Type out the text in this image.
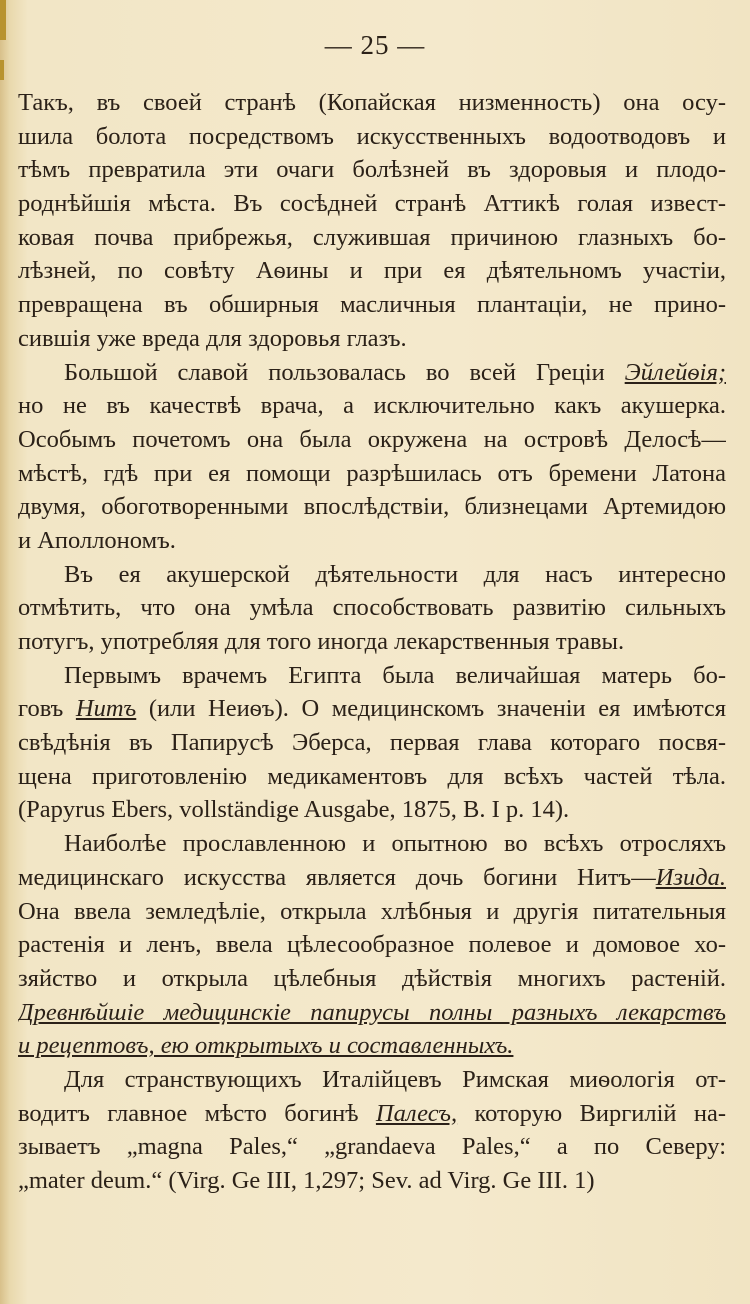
— 25 —
Такъ, въ своей странѣ (Копайская низменность) она осу-
шила болота посредствомъ искусственныхъ водоотводовъ и
тѣмъ превратила эти очаги болѣзней въ здоровыя и плодо-
роднѣйшія мѣста. Въ сосѣдней странѣ Аттикѣ голая извест-
ковая почва прибрежья, служившая причиною глазныхъ бо-
лѣзней, по совѣту Аѳины и при ея дѣятельномъ участіи,
превращена въ обширныя масличныя плантаціи, не прино-
сившія уже вреда для здоровья глазъ.
Большой славой пользовалась во всей Греціи Эйлейѳія;
но не въ качествѣ врача, а исключительно какъ акушерка.
Особымъ почетомъ она была окружена на островѣ Делосѣ—
мѣстѣ, гдѣ при ея помощи разрѣшилась отъ бремени Латона
двумя, обоготворенными впослѣдствіи, близнецами Артемидою
и Аполлономъ.
Въ ея акушерской дѣятельности для насъ интересно
отмѣтить, что она умѣла способствовать развитію сильныхъ
потугъ, употребляя для того иногда лекарственныя травы.
Первымъ врачемъ Египта была величайшая матерь бо-
говъ Нитъ (или Неиѳъ). О медицинскомъ значеніи ея имѣются
свѣдѣнія въ Папирусѣ Эберса, первая глава котораго посвя-
щена приготовленію медикаментовъ для всѣхъ частей тѣла.
(Papyrus Ebers, vollständige Ausgabe, 1875, B. I p. 14).
Наиболѣе прославленною и опытною во всѣхъ отросляхъ
медицинскаго искусства является дочь богини Нитъ—Изида.
Она ввела земледѣліе, открыла хлѣбныя и другія питательныя
растенія и ленъ, ввела цѣлесообразное полевое и домовое хо-
зяйство и открыла цѣлебныя дѣйствія многихъ растеній.
Древнѣйшіе медицинскіе папирусы полны разныхъ лекарствъ
и рецептовъ, ею открытыхъ и составленныхъ.
Для странствующихъ Италійцевъ Римская миѳологія от-
водитъ главное мѣсто богинѣ Палесъ, которую Виргилій на-
зываетъ „magna Pales,“ „grandaeva Pales,“ а по Северу:
„mater deum.“ (Virg. Ge III, 1,297; Sev. ad Virg. Ge III. 1)
